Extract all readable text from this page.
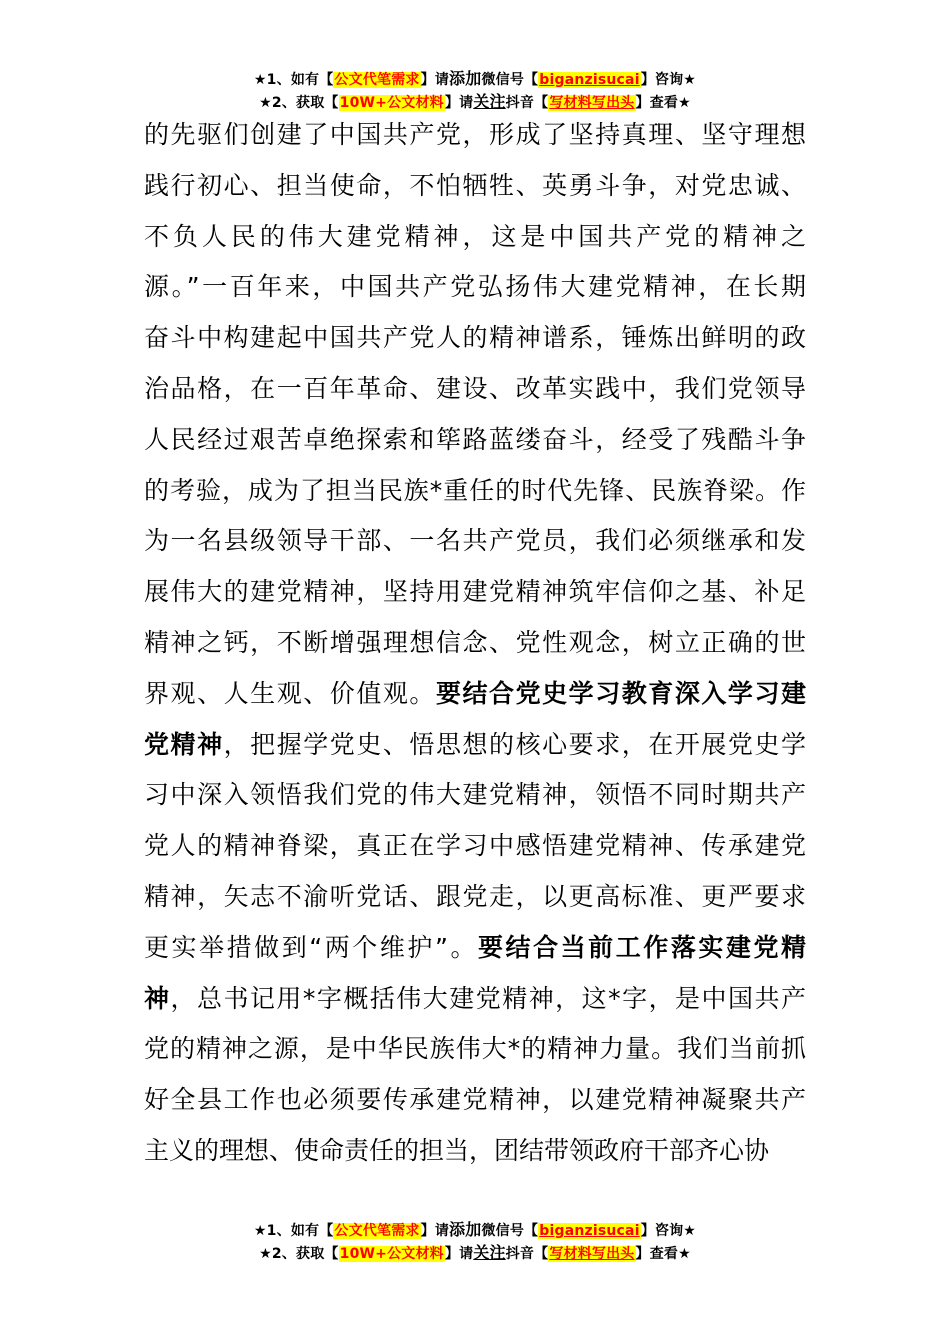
★1、如有【公文代笔需求】请添加微信号【biganzisucai】咨询★
★2、获取【10W+公文材料】请关注抖音【写材料写出头】查看★
的先驱们创建了中国共产党，形成了坚持真理、坚守理想
践行初心、担当使命，不怕牺牲、英勇斗争，对党忠诚、
不负人民的伟大建党精神，这是中国共产党的精神之
源。”一百年来，中国共产党弘扬伟大建党精神，在长期
奋斗中构建起中国共产党人的精神谱系，锤炼出鲜明的政
治品格，在一百年革命、建设、改革实践中，我们党领导
人民经过艰苦卓绝探索和筚路蓝缕奋斗，经受了残酷斗争
的考验，成为了担当民族*重任的时代先锋、民族脊梁。作
为一名县级领导干部、一名共产党员，我们必须继承和发
展伟大的建党精神，坚持用建党精神筑牢信仰之基、补足
精神之钙，不断增强理想信念、党性观念，树立正确的世
界观、人生观、价值观。要结合党史学习教育深入学习建
党精神，把握学党史、悟思想的核心要求，在开展党史学
习中深入领悟我们党的伟大建党精神，领悟不同时期共产
党人的精神脊梁，真正在学习中感悟建党精神、传承建党
精神，矢志不渝听党话、跟党走，以更高标准、更严要求
更实举措做到“两个维护”。要结合当前工作落实建党精
神，总书记用*字概括伟大建党精神，这*字，是中国共产
党的精神之源，是中华民族伟大*的精神力量。我们当前抓
好全县工作也必须要传承建党精神，以建党精神凝聚共产
主义的理想、使命责任的担当，团结带领政府干部齐心协
★1、如有【公文代笔需求】请添加微信号【biganzisucai】咨询★
★2、获取【10W+公文材料】请关注抖音【写材料写出头】查看★
